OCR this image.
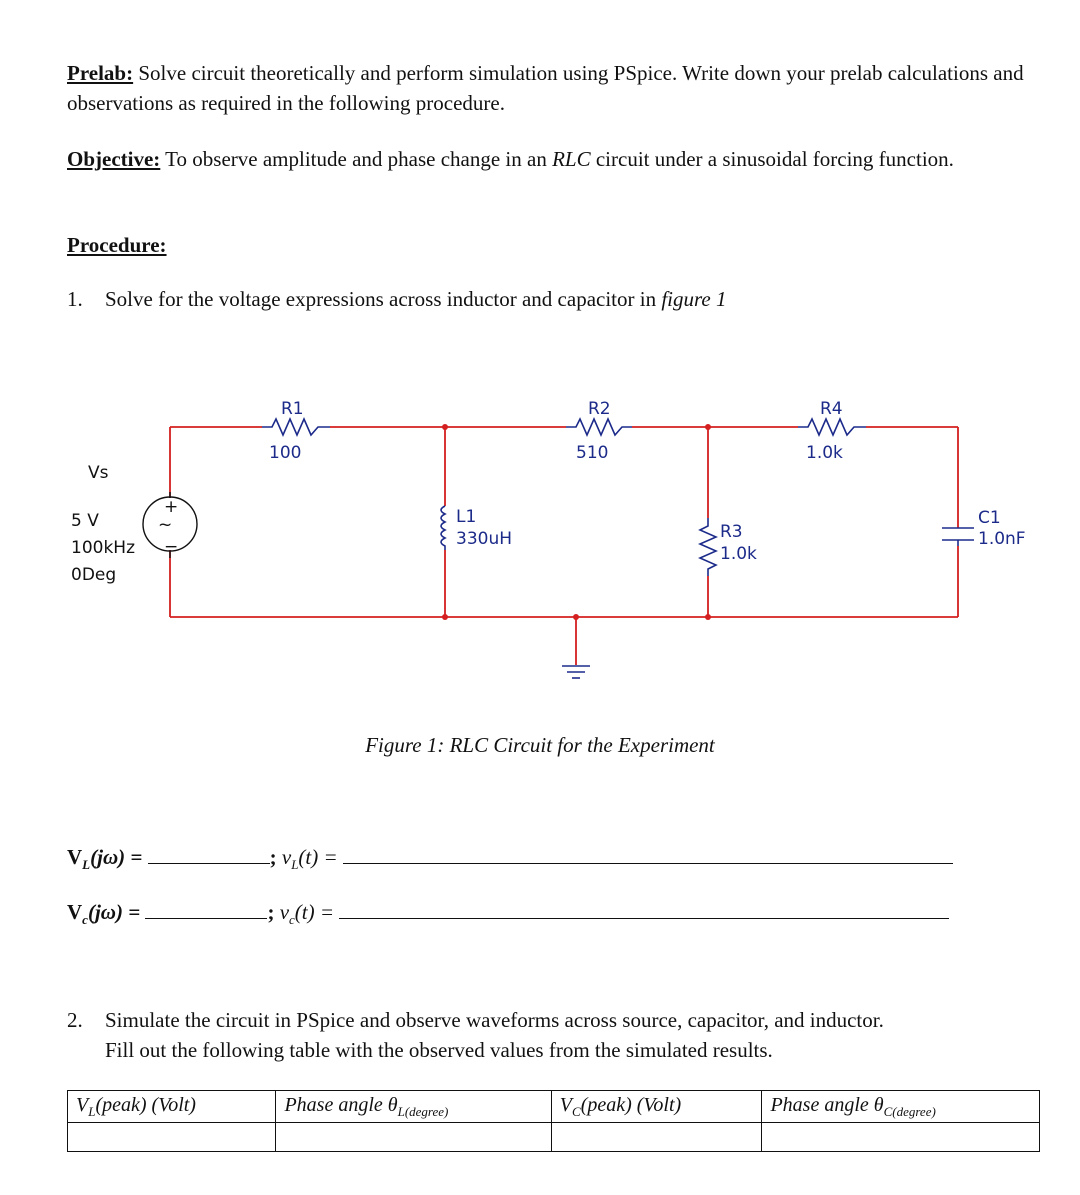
Prelab: Solve circuit theoretically and perform simulation using PSpice. Write down your prelab calculations and observations as required in the following procedure.
Objective: To observe amplitude and phase change in an RLC circuit under a sinusoidal forcing function.
Procedure:
1. Solve for the voltage expressions across inductor and capacitor in figure 1
+
~
−
Vs
5 V
100kHz
0Deg
R1
100
R2
510
R4
1.0k
L1
330uH	R3
1.0k
C1
1.0nF
Figure 1: RLC Circuit for the Experiment
$V_L(j\omega)$ =	; $v_L(t)$ =
$V_c(j\omega)$ =	; $v_c(t)$ =
2. Simulate the circuit in PSpice and observe waveforms across source, capacitor, and inductor.
Fill out the following table with the observed values from the simulated results.
$V_L(peak)$ (Volt)	Phase angle $\theta_{L(degree)}$	$V_C(peak)$ (Volt)	Phase angle $\theta_{C(degree)}$
